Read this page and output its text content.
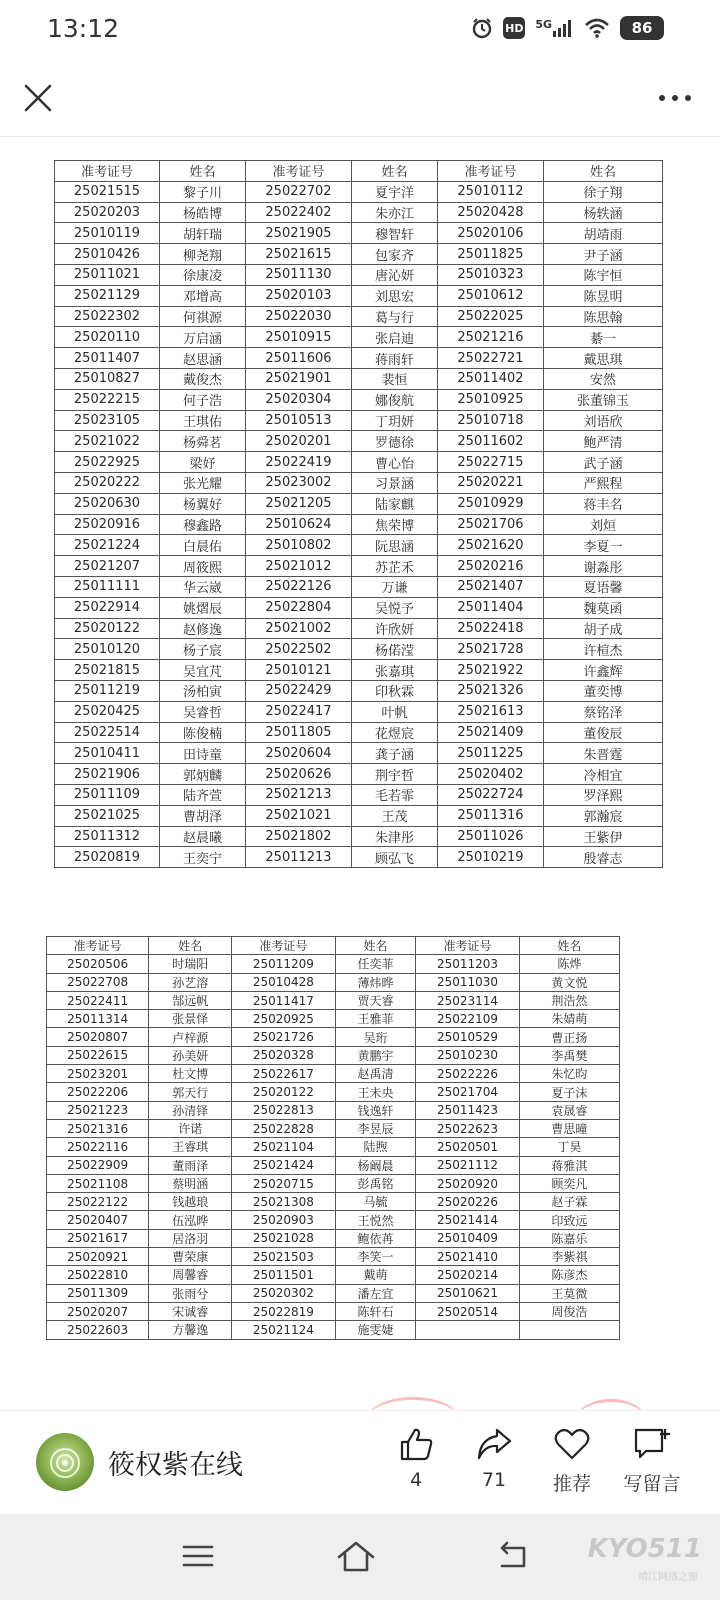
13:12	HD 5G	86
准考证号	姓名	准考证号	姓名	准考证号	姓名
25021515	黎子川	25022702	夏宇洋	25010112	徐子翔
25020203	杨皓博	25022402	朱亦江	25020428	杨轶涵
25010119	胡轩瑞	25021905	穆智轩	25020106	胡靖雨
25010426	柳尧翔	25021615	包家齐	25011825	尹子涵
25011021	徐康凌	25011130	唐沁妍	25010323	陈宇恒
25021129	邓增高	25020103	刘思宏	25010612	陈昱明
25022302	何祺源	25022030	葛与行	25022025	陈思翰
25020110	万启涵	25010915	张启迪	25021216	綦一
25011407	赵思涵	25011606	蒋雨轩	25022721	戴思琪
25010827	戴俊杰	25021901	裴恒	25011402	安然
25022215	何子浩	25020304	娜俊航	25010925	张董锦玉
25023105	王琪佑	25010513	丁玥妍	25010718	刘语欣
25021022	杨舜茗	25020201	罗德徐	25011602	鲍严清
25022925	梁妤	25022419	曹心怡	25022715	武子涵
25020222	张光耀	25023002	习景涵	25020221	严熙程
25020630	杨翼好	25021205	陆家麒	25010929	蒋丰名
25020916	穆鑫路	25010624	焦荣博	25021706	刘烜
25021224	白晨佑	25010802	阮思涵	25021620	李夏一
25021207	周筱熙	25021012	苏芷禾	25020216	谢淼彤
25011111	华云崴	25022126	万谦	25021407	夏语馨
25022914	姚熠辰	25022804	吴悦予	25011404	魏莫函
25020122	赵修逸	25021002	许欣妍	25022418	胡子成
25010120	杨子宸	25022502	杨偌滢	25021728	许楦杰
25021815	吴宜芃	25010121	张嘉琪	25021922	许鑫辉
25011219	汤柏寅	25022429	印秋霖	25021326	董奕博
25020425	吴睿哲	25022417	叶帆	25021613	蔡铭泽
25022514	陈俊楠	25011805	花煜宸	25021409	董俊辰
25010411	田诗童	25020604	龚子涵	25011225	朱晋霆
25021906	郭炳麟	25020626	荆宇哲	25020402	冷相宜
25011109	陆齐萱	25021213	毛若霏	25022724	罗泽熙
25021025	曹胡泽	25021021	王茂	25011316	郭瀚宸
25011312	赵晨曦	25021802	朱津彤	25011026	王紫伊
25020819	王奕宁	25011213	顾弘飞	25010219	殷睿志
准考证号	姓名	准考证号	姓名	准考证号	姓名
25020506	时瑞阳	25011209	任奕菲	25011203	陈烨
25022708	孙艺溶	25010428	薄炜晔	25011030	黄文悦
25022411	郜远帆	25011417	贾天睿	25023114	荆浩然
25011314	张景怿	25020925	王雅菲	25022109	朱婧萌
25020807	卢梓源	25021726	吴珩	25010529	曹正扬
25022615	孙美妍	25020328	黄鹏宇	25010230	李禹樊
25023201	杜文博	25022617	赵禹清	25022226	朱忆昀
25022206	郭天行	25020122	王未央	25021704	夏子沫
25021223	孙清铎	25022813	钱逸轩	25011423	袁晟睿
25021316	许诺	25022828	李昱辰	25022623	曹思曈
25022116	王睿琪	25021104	陆煦	25020501	丁昊
25022909	董雨泽	25021424	杨阚晨	25021112	蒋雅淇
25021108	蔡明涵	25020715	彭禹铭	25020920	顾奕凡
25022122	钱越琅	25021308	马毓	25020226	赵子霖
25020407	伍泓晔	25020903	王悦然	25021414	印致远
25021617	居洛羽	25021028	鲍依苒	25010409	陈嘉乐
25020921	曹荣康	25021503	李笑一	25021410	李紫祺
25022810	周馨睿	25011501	戴萌	25020214	陈彦杰
25011309	张雨兮	25020302	潘左宜	25010621	王莫微
25020207	宋诚睿	25022819	陈轩石	25020514	周俊浩
25022603	方馨逸	25021124	施雯婕		
筱权紫在线	4	71	推荐	写留言
KYO511
靖江网络之窗
